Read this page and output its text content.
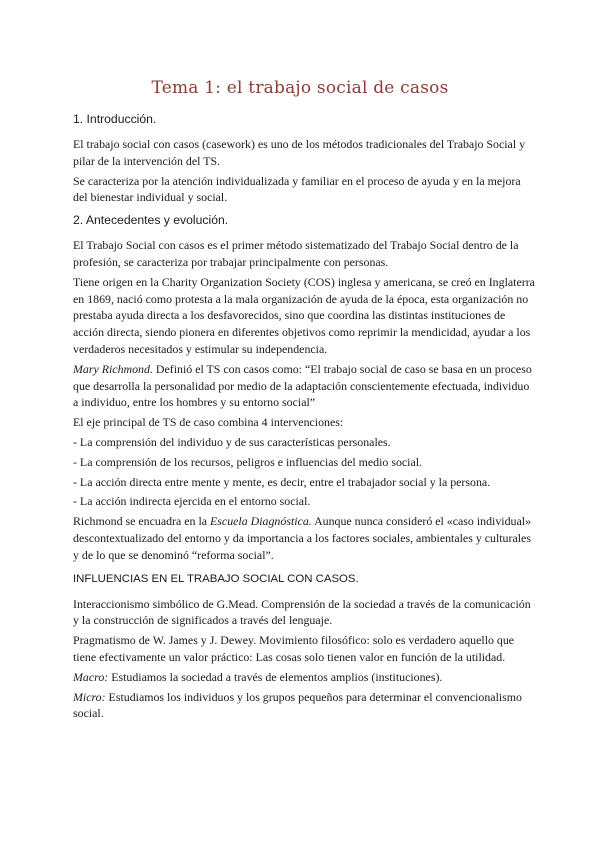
Tema 1: el trabajo social de casos
1. Introducción.

El trabajo social con casos (casework) es uno de los métodos tradicionales del Trabajo Social y pilar de la intervención del TS.

Se caracteriza por la atención individualizada y familiar en el proceso de ayuda y en la mejora del bienestar individual y social.

2. Antecedentes y evolución.

El Trabajo Social con casos es el primer método sistematizado del Trabajo Social dentro de la profesión, se caracteriza por trabajar principalmente con personas.

Tiene origen en la Charity Organization Society (COS) inglesa y americana, se creó en Inglaterra en 1869, nació como protesta a la mala organización de ayuda de la época, esta organización no prestaba ayuda directa a los desfavorecidos, sino que coordina las distintas instituciones de acción directa, siendo pionera en diferentes objetivos como reprimir la mendicidad, ayudar a los verdaderos necesitados y estimular su independencia.

Mary Richmond. Definió el TS con casos como: “El trabajo social de caso se basa en un proceso que desarrolla la personalidad por medio de la adaptación conscientemente efectuada, individuo a individuo, entre los hombres y su entorno social”

El eje principal de TS de caso combina 4 intervenciones:

- La comprensión del individuo y de sus características personales.

- La comprensión de los recursos, peligros e influencias del medio social.

- La acción directa entre mente y mente, es decir, entre el trabajador social y la persona.

- La acción indirecta ejercida en el entorno social.

Richmond se encuadra en la Escuela Diagnóstica. Aunque nunca consideró el «caso individual» descontextualizado del entorno y da importancia a los factores sociales, ambientales y culturales y de lo que se denominó “reforma social”.

INFLUENCIAS EN EL TRABAJO SOCIAL CON CASOS.

Interaccionismo simbólico de G.Mead. Comprensión de la sociedad a través de la comunicación y la construcción de significados a través del lenguaje.

Pragmatismo de W. James y J. Dewey. Movimiento filosófico: solo es verdadero aquello que tiene efectivamente un valor práctico: Las cosas solo tienen valor en función de la utilidad.

Macro: Estudiamos la sociedad a través de elementos amplios (instituciones).

Micro: Estudiamos los individuos y los grupos pequeños para determinar el convencionalismo social.
